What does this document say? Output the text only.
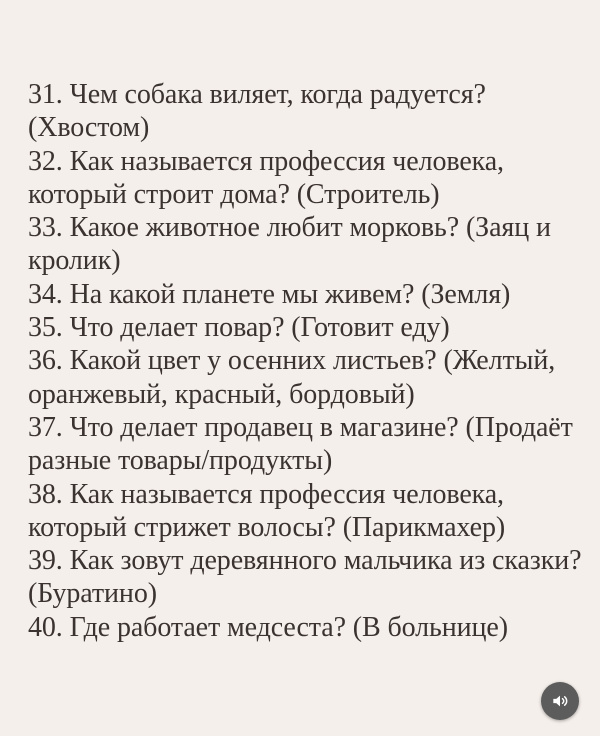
31. Чем собака виляет, когда радуется? (Хвостом)
32. Как называется профессия человека, который строит дома? (Строитель)
33. Какое животное любит морковь? (Заяц и кролик)
34. На какой планете мы живем? (Земля)
35. Что делает повар? (Готовит еду)
36. Какой цвет у осенних листьев? (Желтый, оранжевый, красный, бордовый)
37. Что делает продавец в магазине? (Продаёт разные товары/продукты)
38. Как называется профессия человека, который стрижет волосы? (Парикмахер)
39. Как зовут деревянного мальчика из сказки? (Буратино)
40. Где работает медсеста? (В больнице)
